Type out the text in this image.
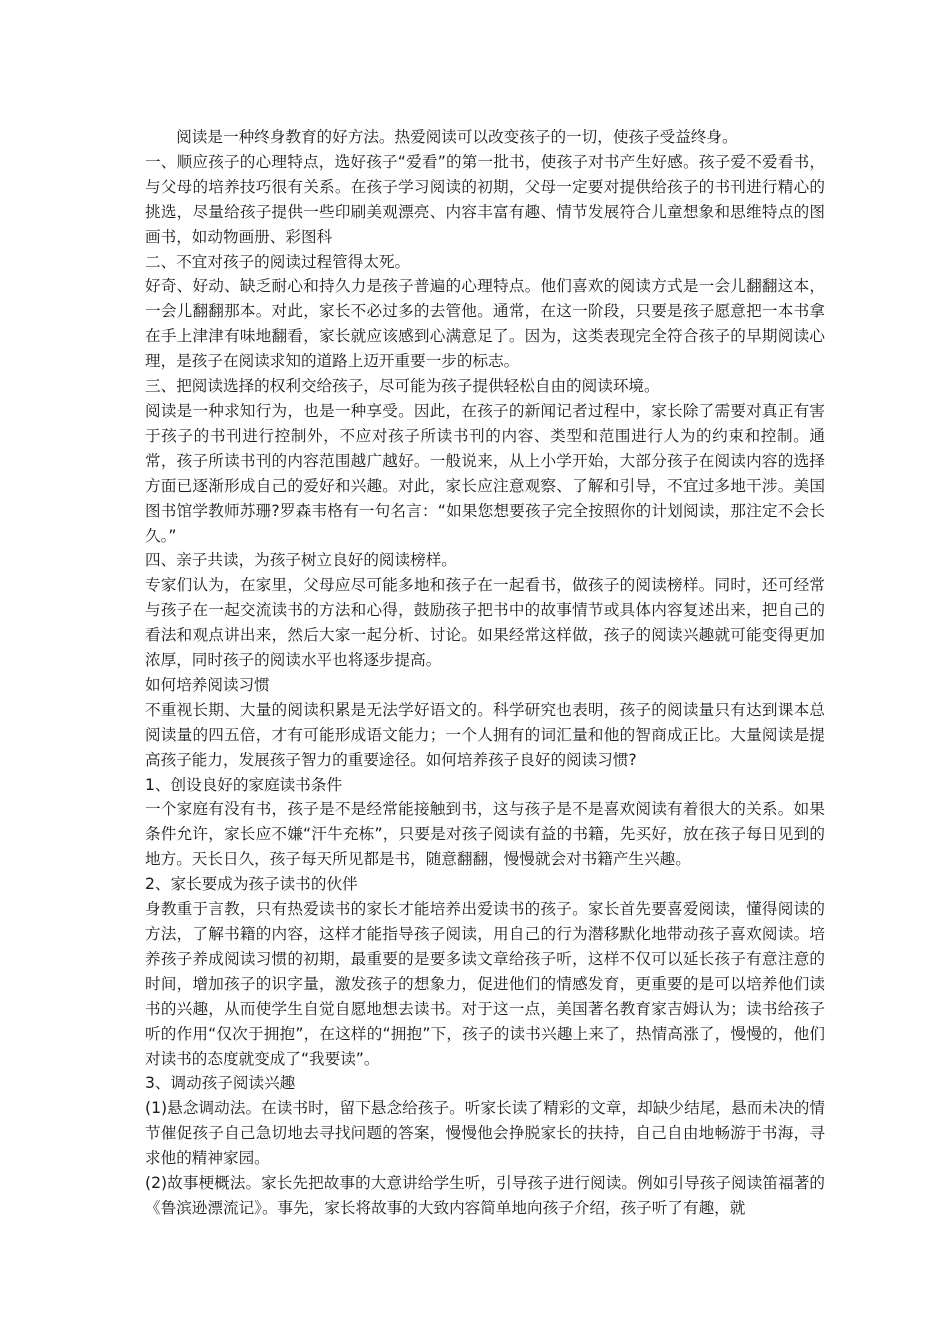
阅读是一种终身教育的好方法。热爱阅读可以改变孩子的一切，使孩子受益终身。

一、顺应孩子的心理特点，选好孩子“爱看”的第一批书，使孩子对书产生好感。孩子爱不爱看书，与父母的培养技巧很有关系。在孩子学习阅读的初期，父母一定要对提供给孩子的书刊进行精心的挑选，尽量给孩子提供一些印刷美观漂亮、内容丰富有趣、情节发展符合儿童想象和思维特点的图画书，如动物画册、彩图科

二、不宜对孩子的阅读过程管得太死。

好奇、好动、缺乏耐心和持久力是孩子普遍的心理特点。他们喜欢的阅读方式是一会儿翻翻这本，一会儿翻翻那本。对此，家长不必过多的去管他。通常，在这一阶段，只要是孩子愿意把一本书拿在手上津津有味地翻看，家长就应该感到心满意足了。因为，这类表现完全符合孩子的早期阅读心理，是孩子在阅读求知的道路上迈开重要一步的标志。

三、把阅读选择的权利交给孩子，尽可能为孩子提供轻松自由的阅读环境。

阅读是一种求知行为，也是一种享受。因此，在孩子的新闻记者过程中，家长除了需要对真正有害于孩子的书刊进行控制外，不应对孩子所读书刊的内容、类型和范围进行人为的约束和控制。通常，孩子所读书刊的内容范围越广越好。一般说来，从上小学开始，大部分孩子在阅读内容的选择方面已逐渐形成自己的爱好和兴趣。对此，家长应注意观察、了解和引导，不宜过多地干涉。美国图书馆学教师苏珊?罗森韦格有一句名言：“如果您想要孩子完全按照你的计划阅读，那注定不会长久。”

四、亲子共读，为孩子树立良好的阅读榜样。

专家们认为，在家里，父母应尽可能多地和孩子在一起看书，做孩子的阅读榜样。同时，还可经常与孩子在一起交流读书的方法和心得，鼓励孩子把书中的故事情节或具体内容复述出来，把自己的看法和观点讲出来，然后大家一起分析、讨论。如果经常这样做，孩子的阅读兴趣就可能变得更加浓厚，同时孩子的阅读水平也将逐步提高。

如何培养阅读习惯

不重视长期、大量的阅读积累是无法学好语文的。科学研究也表明，孩子的阅读量只有达到课本总阅读量的四五倍，才有可能形成语文能力；一个人拥有的词汇量和他的智商成正比。大量阅读是提高孩子能力，发展孩子智力的重要途径。如何培养孩子良好的阅读习惯?

1、创设良好的家庭读书条件

一个家庭有没有书，孩子是不是经常能接触到书，这与孩子是不是喜欢阅读有着很大的关系。如果条件允许，家长应不嫌“汗牛充栋”，只要是对孩子阅读有益的书籍，先买好，放在孩子每日见到的地方。天长日久，孩子每天所见都是书，随意翻翻，慢慢就会对书籍产生兴趣。

2、家长要成为孩子读书的伙伴

身教重于言教，只有热爱读书的家长才能培养出爱读书的孩子。家长首先要喜爱阅读，懂得阅读的方法，了解书籍的内容，这样才能指导孩子阅读，用自己的行为潜移默化地带动孩子喜欢阅读。培养孩子养成阅读习惯的初期，最重要的是要多读文章给孩子听，这样不仅可以延长孩子有意注意的时间，增加孩子的识字量，激发孩子的想象力，促进他们的情感发育，更重要的是可以培养他们读书的兴趣，从而使学生自觉自愿地想去读书。对于这一点，美国著名教育家吉姆认为；读书给孩子听的作用“仅次于拥抱”，在这样的“拥抱”下，孩子的读书兴趣上来了，热情高涨了，慢慢的，他们对读书的态度就变成了“我要读”。

3、调动孩子阅读兴趣

(1)悬念调动法。在读书时，留下悬念给孩子。听家长读了精彩的文章，却缺少结尾，悬而未决的情节催促孩子自己急切地去寻找问题的答案，慢慢他会挣脱家长的扶持，自己自由地畅游于书海，寻求他的精神家园。

(2)故事梗概法。家长先把故事的大意讲给学生听，引导孩子进行阅读。例如引导孩子阅读笛福著的《鲁滨逊漂流记》。事先，家长将故事的大致内容简单地向孩子介绍，孩子听了有趣，就
